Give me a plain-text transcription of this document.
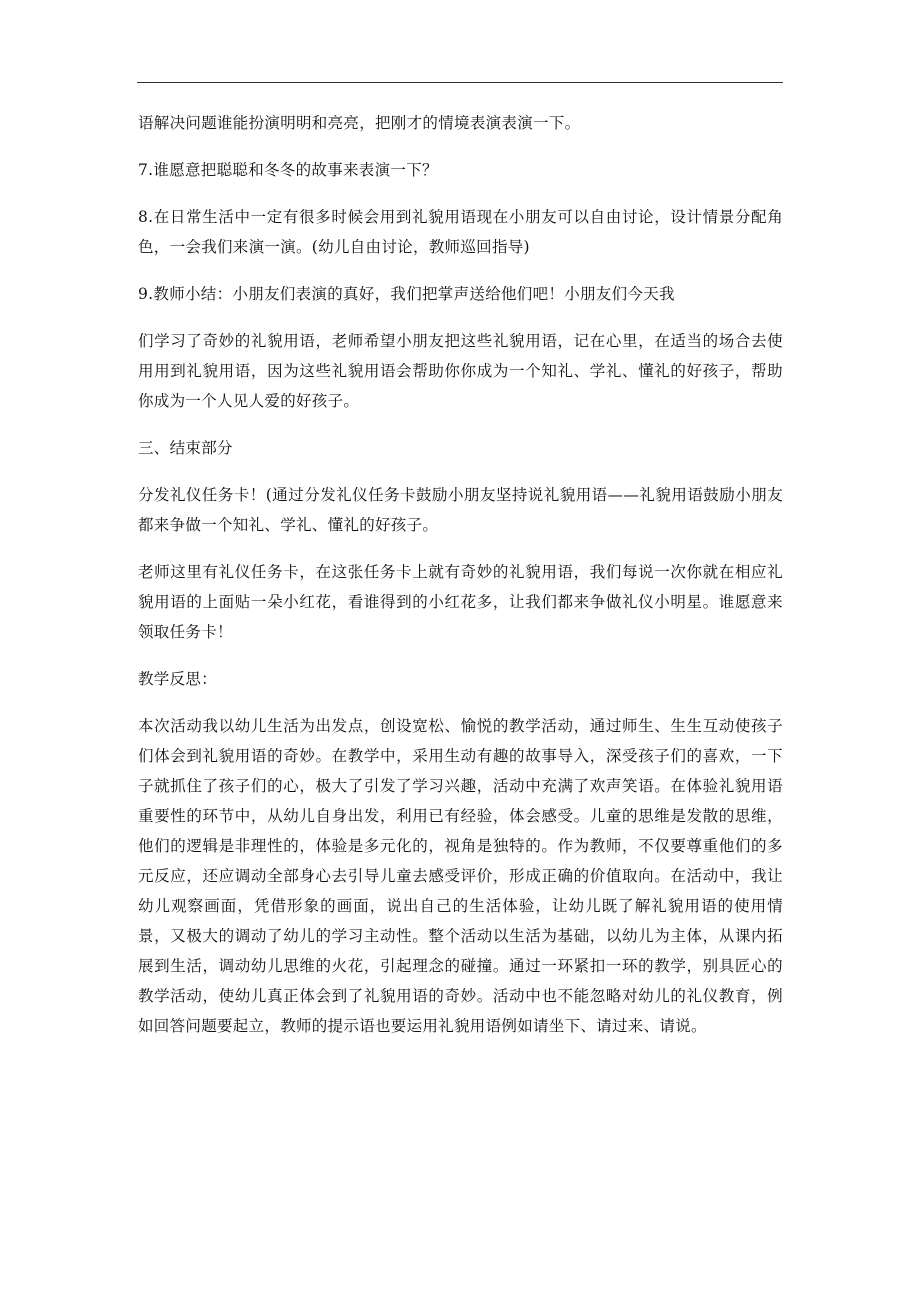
语解决问题谁能扮演明明和亮亮，把刚才的情境表演表演一下。

7.谁愿意把聪聪和冬冬的故事来表演一下？

8.在日常生活中一定有很多时候会用到礼貌用语现在小朋友可以自由讨论，设计情景分配角色，一会我们来演一演。(幼儿自由讨论，教师巡回指导)

9.教师小结：小朋友们表演的真好，我们把掌声送给他们吧！小朋友们今天我

们学习了奇妙的礼貌用语，老师希望小朋友把这些礼貌用语，记在心里，在适当的场合去使用用到礼貌用语，因为这些礼貌用语会帮助你你成为一个知礼、学礼、懂礼的好孩子，帮助你成为一个人见人爱的好孩子。

三、结束部分

分发礼仪任务卡！(通过分发礼仪任务卡鼓励小朋友坚持说礼貌用语——礼貌用语鼓励小朋友都来争做一个知礼、学礼、懂礼的好孩子。

老师这里有礼仪任务卡，在这张任务卡上就有奇妙的礼貌用语，我们每说一次你就在相应礼貌用语的上面贴一朵小红花，看谁得到的小红花多，让我们都来争做礼仪小明星。谁愿意来领取任务卡！

教学反思：

本次活动我以幼儿生活为出发点，创设宽松、愉悦的教学活动，通过师生、生生互动使孩子们体会到礼貌用语的奇妙。在教学中，采用生动有趣的故事导入，深受孩子们的喜欢，一下子就抓住了孩子们的心，极大了引发了学习兴趣，活动中充满了欢声笑语。在体验礼貌用语重要性的环节中，从幼儿自身出发，利用已有经验，体会感受。儿童的思维是发散的思维，他们的逻辑是非理性的，体验是多元化的，视角是独特的。作为教师，不仅要尊重他们的多元反应，还应调动全部身心去引导儿童去感受评价，形成正确的价值取向。在活动中，我让幼儿观察画面，凭借形象的画面，说出自己的生活体验，让幼儿既了解礼貌用语的使用情景，又极大的调动了幼儿的学习主动性。整个活动以生活为基础，以幼儿为主体，从课内拓展到生活，调动幼儿思维的火花，引起理念的碰撞。通过一环紧扣一环的教学，别具匠心的教学活动，使幼儿真正体会到了礼貌用语的奇妙。活动中也不能忽略对幼儿的礼仪教育，例如回答问题要起立，教师的提示语也要运用礼貌用语例如请坐下、请过来、请说。
